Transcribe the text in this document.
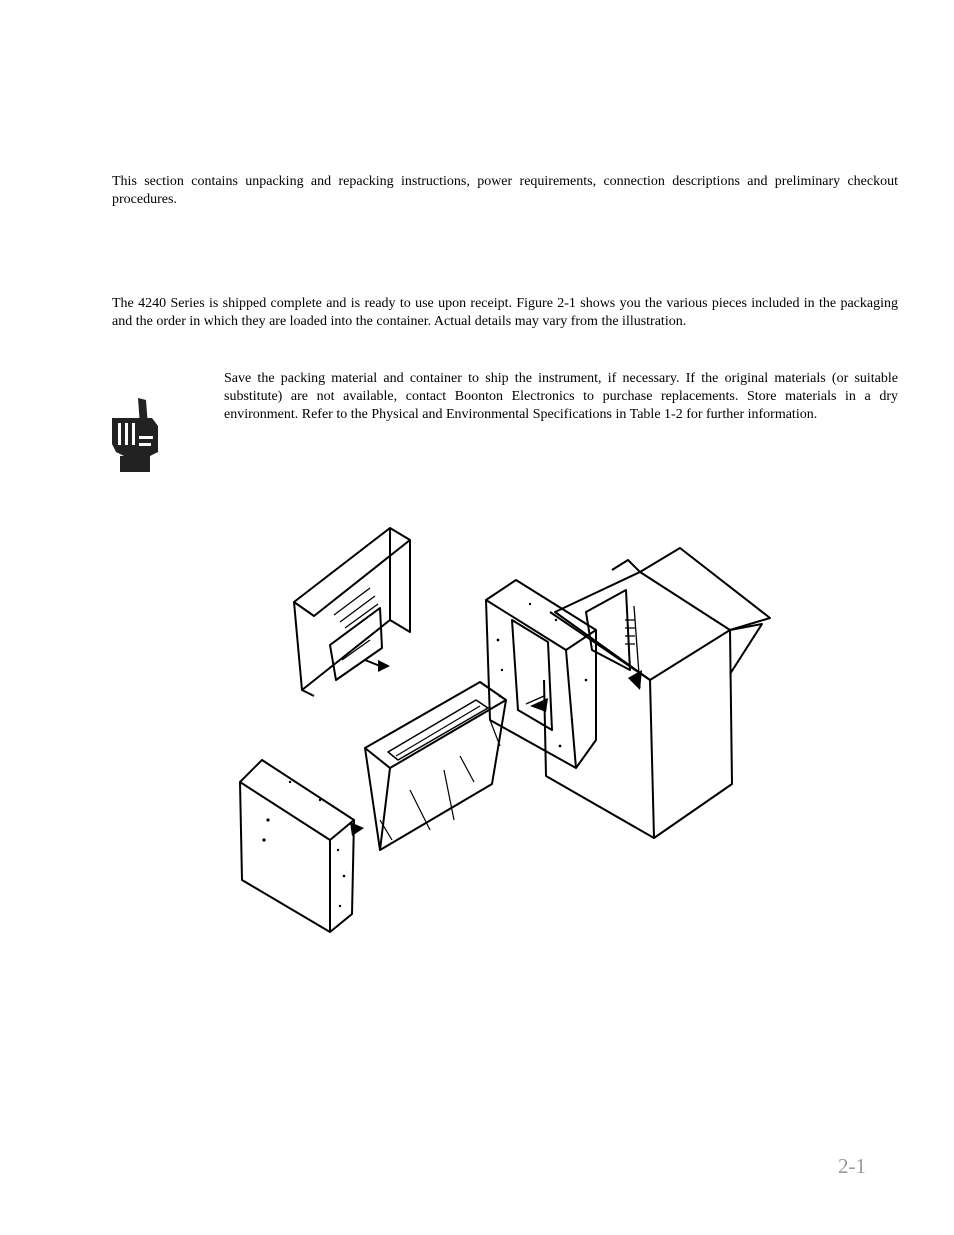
This section contains unpacking and repacking instructions, power requirements, connection descriptions and preliminary checkout procedures.

The 4240 Series is shipped complete and is ready to use upon receipt. Figure 2-1 shows you the various pieces included in the packaging and the order in which they are loaded into the container. Actual details may vary from the illustration.

Save the packing material and container to ship the instrument, if necessary. If the original materials (or suitable substitute) are not available, contact Boonton Electronics to purchase replacements. Store materials in a dry environment. Refer to the Physical and Environmental Specifications in Table 1-2 for further information.

2-1
